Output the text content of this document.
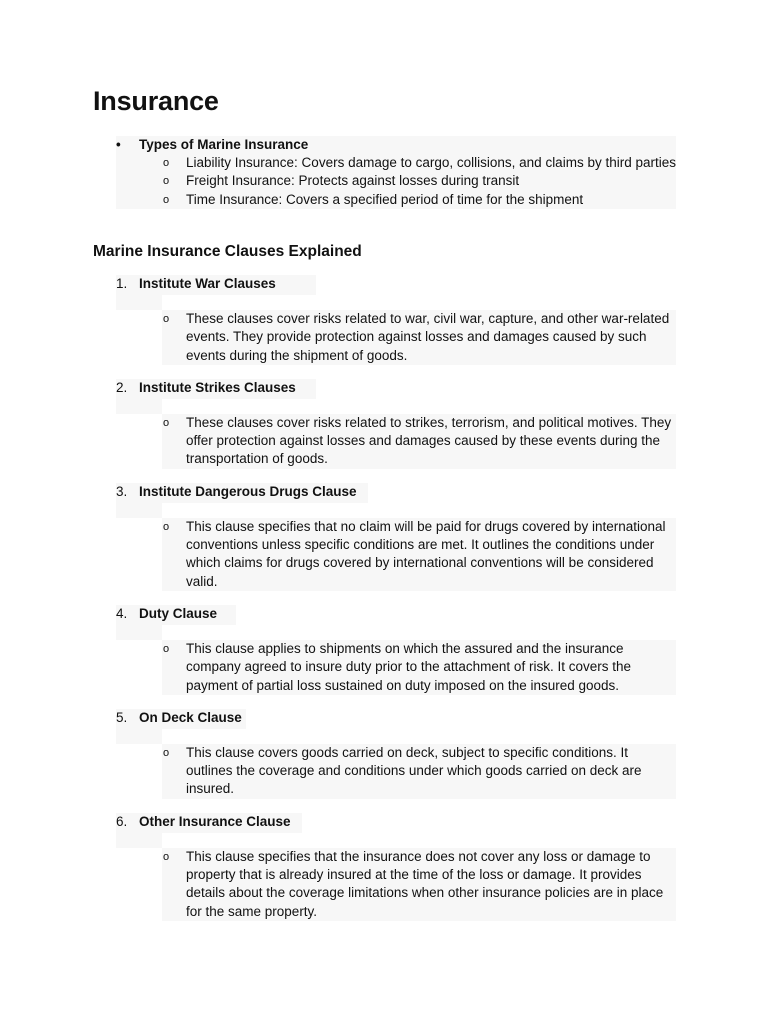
Insurance
•	Types of Marine Insurance
o Liability Insurance: Covers damage to cargo, collisions, and claims by third parties
o Freight Insurance: Protects against losses during transit
o Time Insurance: Covers a specified period of time for the shipment
Marine Insurance Clauses Explained
1. Institute War Clauses
o These clauses cover risks related to war, civil war, capture, and other war-related events. They provide protection against losses and damages caused by such events during the shipment of goods.
2. Institute Strikes Clauses
o These clauses cover risks related to strikes, terrorism, and political motives. They offer protection against losses and damages caused by these events during the transportation of goods.
3. Institute Dangerous Drugs Clause
o This clause specifies that no claim will be paid for drugs covered by international conventions unless specific conditions are met. It outlines the conditions under which claims for drugs covered by international conventions will be considered valid.
4. Duty Clause
o This clause applies to shipments on which the assured and the insurance company agreed to insure duty prior to the attachment of risk. It covers the payment of partial loss sustained on duty imposed on the insured goods.
5. On Deck Clause
o This clause covers goods carried on deck, subject to specific conditions. It outlines the coverage and conditions under which goods carried on deck are insured.
6. Other Insurance Clause
o This clause specifies that the insurance does not cover any loss or damage to property that is already insured at the time of the loss or damage. It provides details about the coverage limitations when other insurance policies are in place for the same property.
